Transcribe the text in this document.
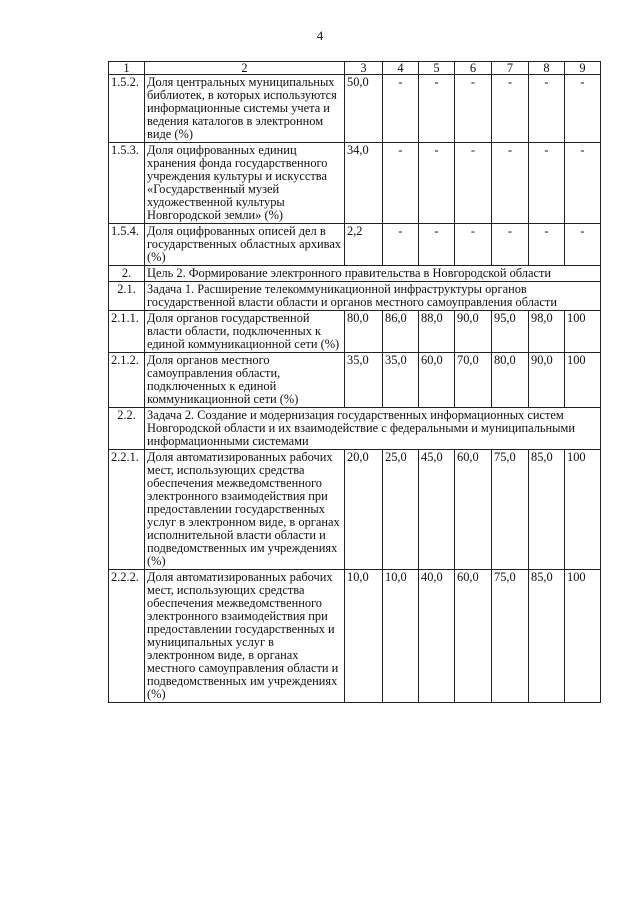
4
1	2	3	4	5	6	7	8	9
1.5.2.	Доля центральных муниципальных библиотек, в которых используются информационные системы учета и ведения каталогов в электронном виде (%)	50,0	-	-	-	-	-	-
1.5.3.	Доля оцифрованных единиц хранения фонда государственного учреждения культуры и искусства «Государственный музей художественной культуры Новгородской земли» (%)	34,0	-	-	-	-	-	-
1.5.4.	Доля оцифрованных описей дел в государственных областных архивах (%)	2,2	-	-	-	-	-	-
2.	Цель 2. Формирование электронного правительства в Новгородской области							
2.1.	Задача 1. Расширение телекоммуникационной инфраструктуры органов государственной власти области и органов местного самоуправления области							
2.1.1.	Доля органов государственной власти области, подключенных к единой коммуникационной сети (%)	80,0	86,0	88,0	90,0	95,0	98,0	100
2.1.2.	Доля органов местного самоуправления области, подключенных к единой коммуникационной сети (%)	35,0	35,0	60,0	70,0	80,0	90,0	100
2.2.	Задача 2. Создание и модернизация государственных информационных систем Новгородской области и их взаимодействие с федеральными и муниципальными информационными системами							
2.2.1.	Доля автоматизированных рабочих мест, использующих средства обеспечения межведомственного электронного взаимодействия при предоставлении государственных услуг в электронном виде, в органах исполнительной власти области и подведомственных им учреждениях (%)	20,0	25,0	45,0	60,0	75,0	85,0	100
2.2.2.	Доля автоматизированных рабочих мест, использующих средства обеспечения межведомственного электронного взаимодействия при предоставлении государственных и муниципальных услуг в электронном виде, в органах местного самоуправления области и подведомственных им учреждениях (%)	10,0	10,0	40,0	60,0	75,0	85,0	100
